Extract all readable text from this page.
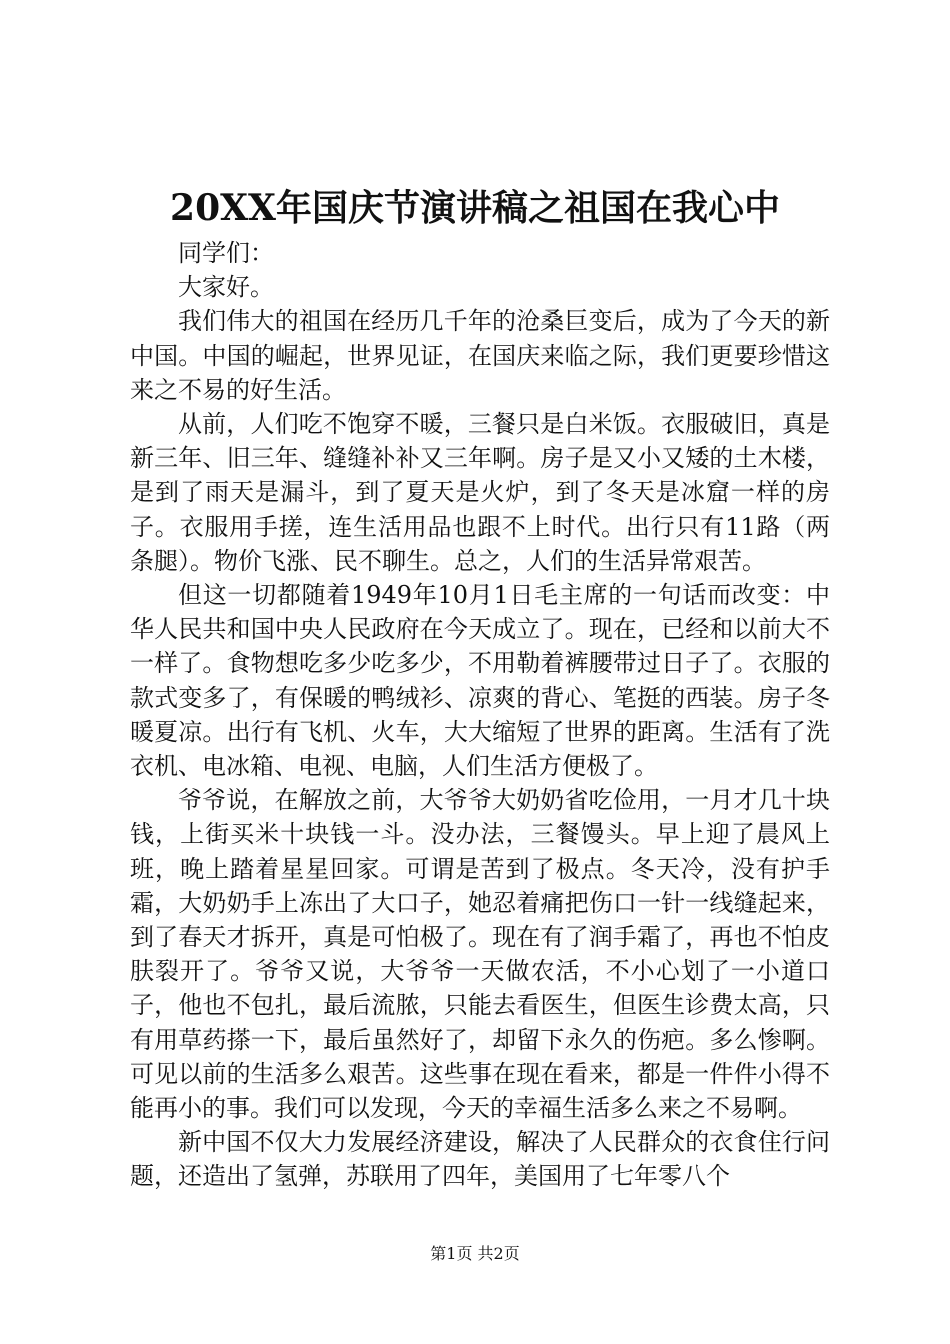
20XX年国庆节演讲稿之祖国在我心中

同学们：

大家好。

我们伟大的祖国在经历几千年的沧桑巨变后，成为了今天的新中国。中国的崛起，世界见证，在国庆来临之际，我们更要珍惜这来之不易的好生活。

从前，人们吃不饱穿不暖，三餐只是白米饭。衣服破旧，真是新三年、旧三年、缝缝补补又三年啊。房子是又小又矮的土木楼，是到了雨天是漏斗，到了夏天是火炉，到了冬天是冰窟一样的房子。衣服用手搓，连生活用品也跟不上时代。出行只有11路（两条腿）。物价飞涨、民不聊生。总之，人们的生活异常艰苦。

但这一切都随着1949年10月1日毛主席的一句话而改变：中华人民共和国中央人民政府在今天成立了。现在，已经和以前大不一样了。食物想吃多少吃多少，不用勒着裤腰带过日子了。衣服的款式变多了，有保暖的鸭绒衫、凉爽的背心、笔挺的西装。房子冬暖夏凉。出行有飞机、火车，大大缩短了世界的距离。生活有了洗衣机、电冰箱、电视、电脑，人们生活方便极了。

爷爷说，在解放之前，大爷爷大奶奶省吃俭用，一月才几十块钱，上街买米十块钱一斗。没办法，三餐馒头。早上迎了晨风上班，晚上踏着星星回家。可谓是苦到了极点。冬天冷，没有护手霜，大奶奶手上冻出了大口子，她忍着痛把伤口一针一线缝起来，到了春天才拆开，真是可怕极了。现在有了润手霜了，再也不怕皮肤裂开了。爷爷又说，大爷爷一天做农活，不小心划了一小道口子，他也不包扎，最后流脓，只能去看医生，但医生诊费太高，只有用草药搽一下，最后虽然好了，却留下永久的伤疤。多么惨啊。可见以前的生活多么艰苦。这些事在现在看来，都是一件件小得不能再小的事。我们可以发现，今天的幸福生活多么来之不易啊。

新中国不仅大力发展经济建设，解决了人民群众的衣食住行问题，还造出了氢弹，苏联用了四年，美国用了七年零八个

第1页 共2页
